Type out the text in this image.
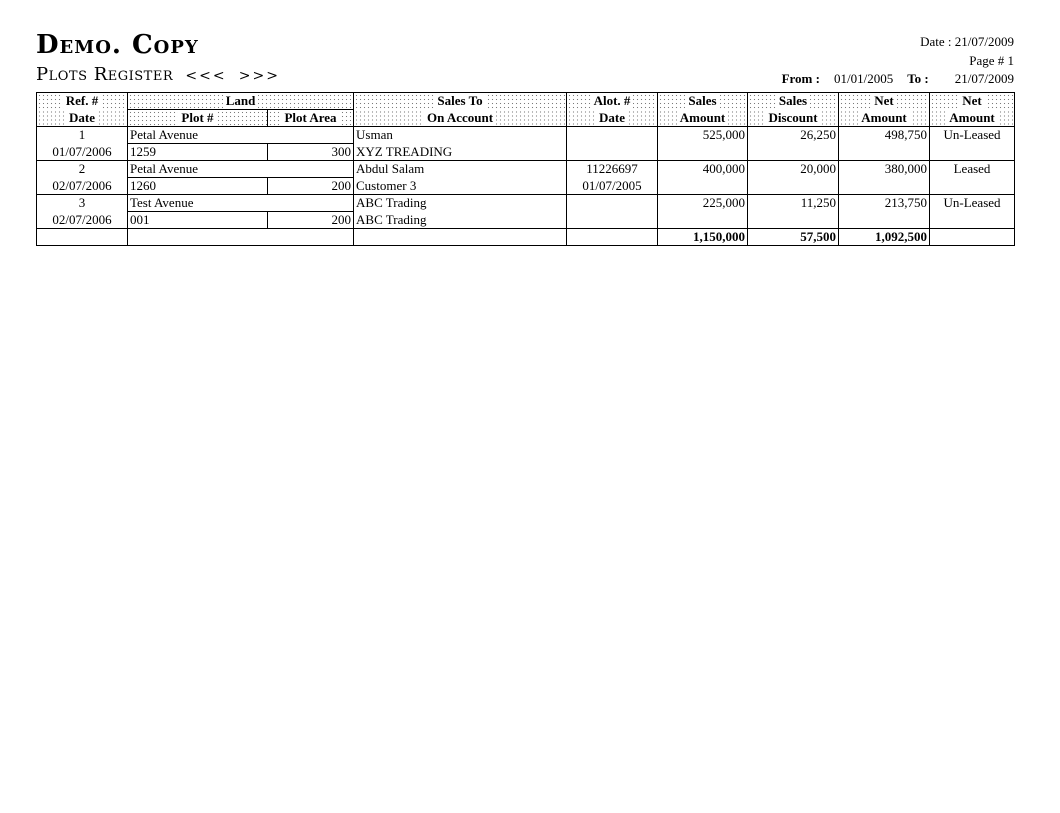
Demo. Copy
Plots Register <<< >>>
Date : 21/07/2009
Page # 1
From : 01/01/2005 To : 21/07/2009
Ref. #	Land		Sales To	Alot. #	Sales	Sales	Net	Net
Date	Plot #	Plot Area	On Account	Date	Amount	Discount	Amount	Amount
1	Petal Avenue		Usman		525,000	26,250	498,750	Un-Leased
01/07/2006	1259	300	XYZ TREADING					
2	Petal Avenue		Abdul Salam	11226697	400,000	20,000	380,000	Leased
02/07/2006	1260	200	Customer 3	01/07/2005				
3	Test Avenue		ABC Trading		225,000	11,250	213,750	Un-Leased
02/07/2006	001	200	ABC Trading					
					1,150,000	57,500	1,092,500	
